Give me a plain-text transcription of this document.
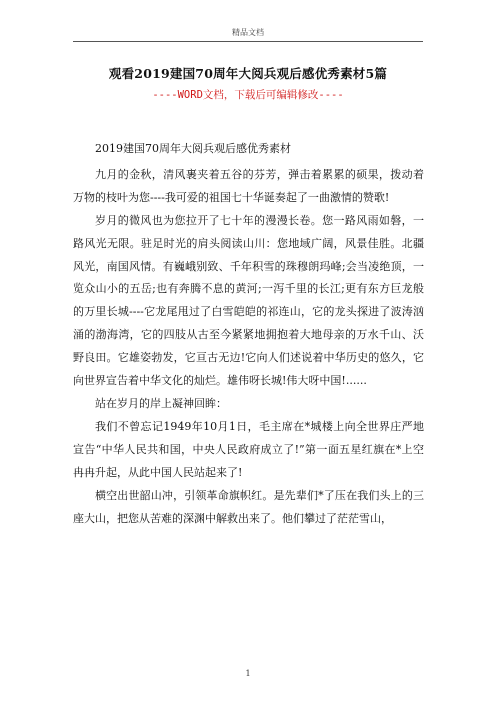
精品文档
观看2019建国70周年大阅兵观后感优秀素材5篇
----WORD文档，下载后可编辑修改----

2019建国70周年大阅兵观后感优秀素材

九月的金秋，清风裹夹着五谷的芬芳，弹击着累累的硕果，拨动着万物的枝叶为您----我可爱的祖国七十华诞奏起了一曲激情的赞歌!

岁月的微风也为您拉开了七十年的漫漫长卷。您一路风雨如磐，一路风光无限。驻足时光的肩头阅读山川：您地域广阔，风景佳胜。北疆风光，南国风情。有巍峨别致、千年积雪的珠穆朗玛峰;会当凌绝顶，一览众山小的五岳;也有奔腾不息的黄河;一泻千里的长江;更有东方巨龙般的万里长城----它龙尾甩过了白雪皑皑的祁连山，它的龙头探进了波涛汹涌的渤海湾，它的四肢从古至今紧紧地拥抱着大地母亲的万水千山、沃野良田。它雄姿勃发，它亘古无边!它向人们述说着中华历史的悠久，它向世界宣告着中华文化的灿烂。雄伟呀长城!伟大呀中国!......

站在岁月的岸上凝神回眸：

我们不曾忘记1949年10月1日，毛主席在*城楼上向全世界庄严地宣告“中华人民共和国，中央人民政府成立了!”第一面五星红旗在*上空冉冉升起，从此中国人民站起来了!

横空出世韶山冲，引领革命旗帜红。是先辈们*了压在我们头上的三座大山，把您从苦难的深渊中解救出来了。他们攀过了茫茫雪山，

1
